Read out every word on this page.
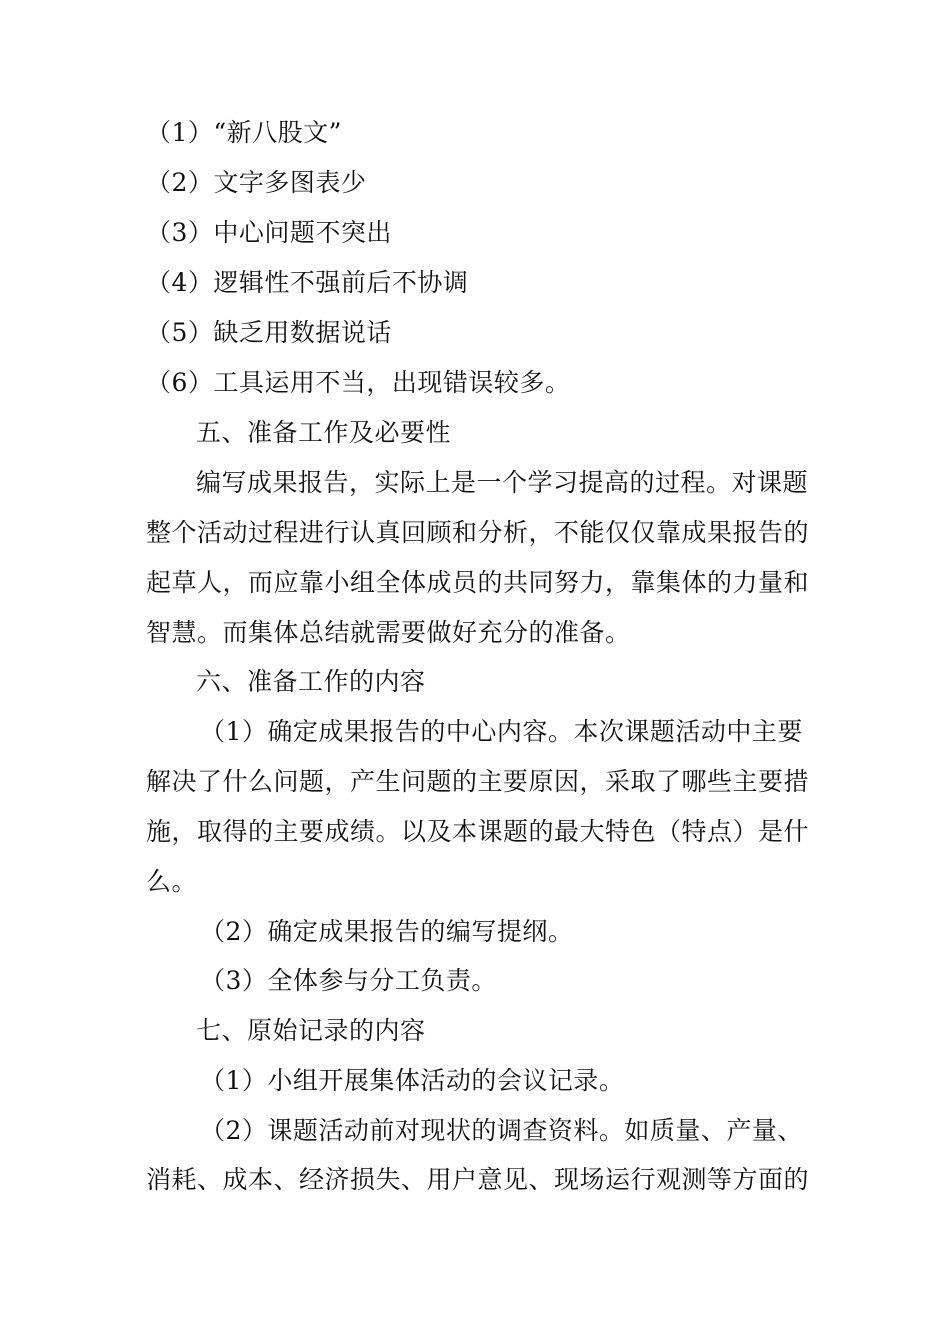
（1）“新八股文”
（2）文字多图表少
（3）中心问题不突出
（4）逻辑性不强前后不协调
（5）缺乏用数据说话
（6）工具运用不当，出现错误较多。
五、准备工作及必要性
编写成果报告，实际上是一个学习提高的过程。对课题
整个活动过程进行认真回顾和分析，不能仅仅靠成果报告的
起草人，而应靠小组全体成员的共同努力，靠集体的力量和
智慧。而集体总结就需要做好充分的准备。
六、准备工作的内容
（1）确定成果报告的中心内容。本次课题活动中主要
解决了什么问题，产生问题的主要原因，采取了哪些主要措
施，取得的主要成绩。以及本课题的最大特色（特点）是什
么。
（2）确定成果报告的编写提纲。
（3）全体参与分工负责。
七、原始记录的内容
（1）小组开展集体活动的会议记录。
（2）课题活动前对现状的调查资料。如质量、产量、
消耗、成本、经济损失、用户意见、现场运行观测等方面的
